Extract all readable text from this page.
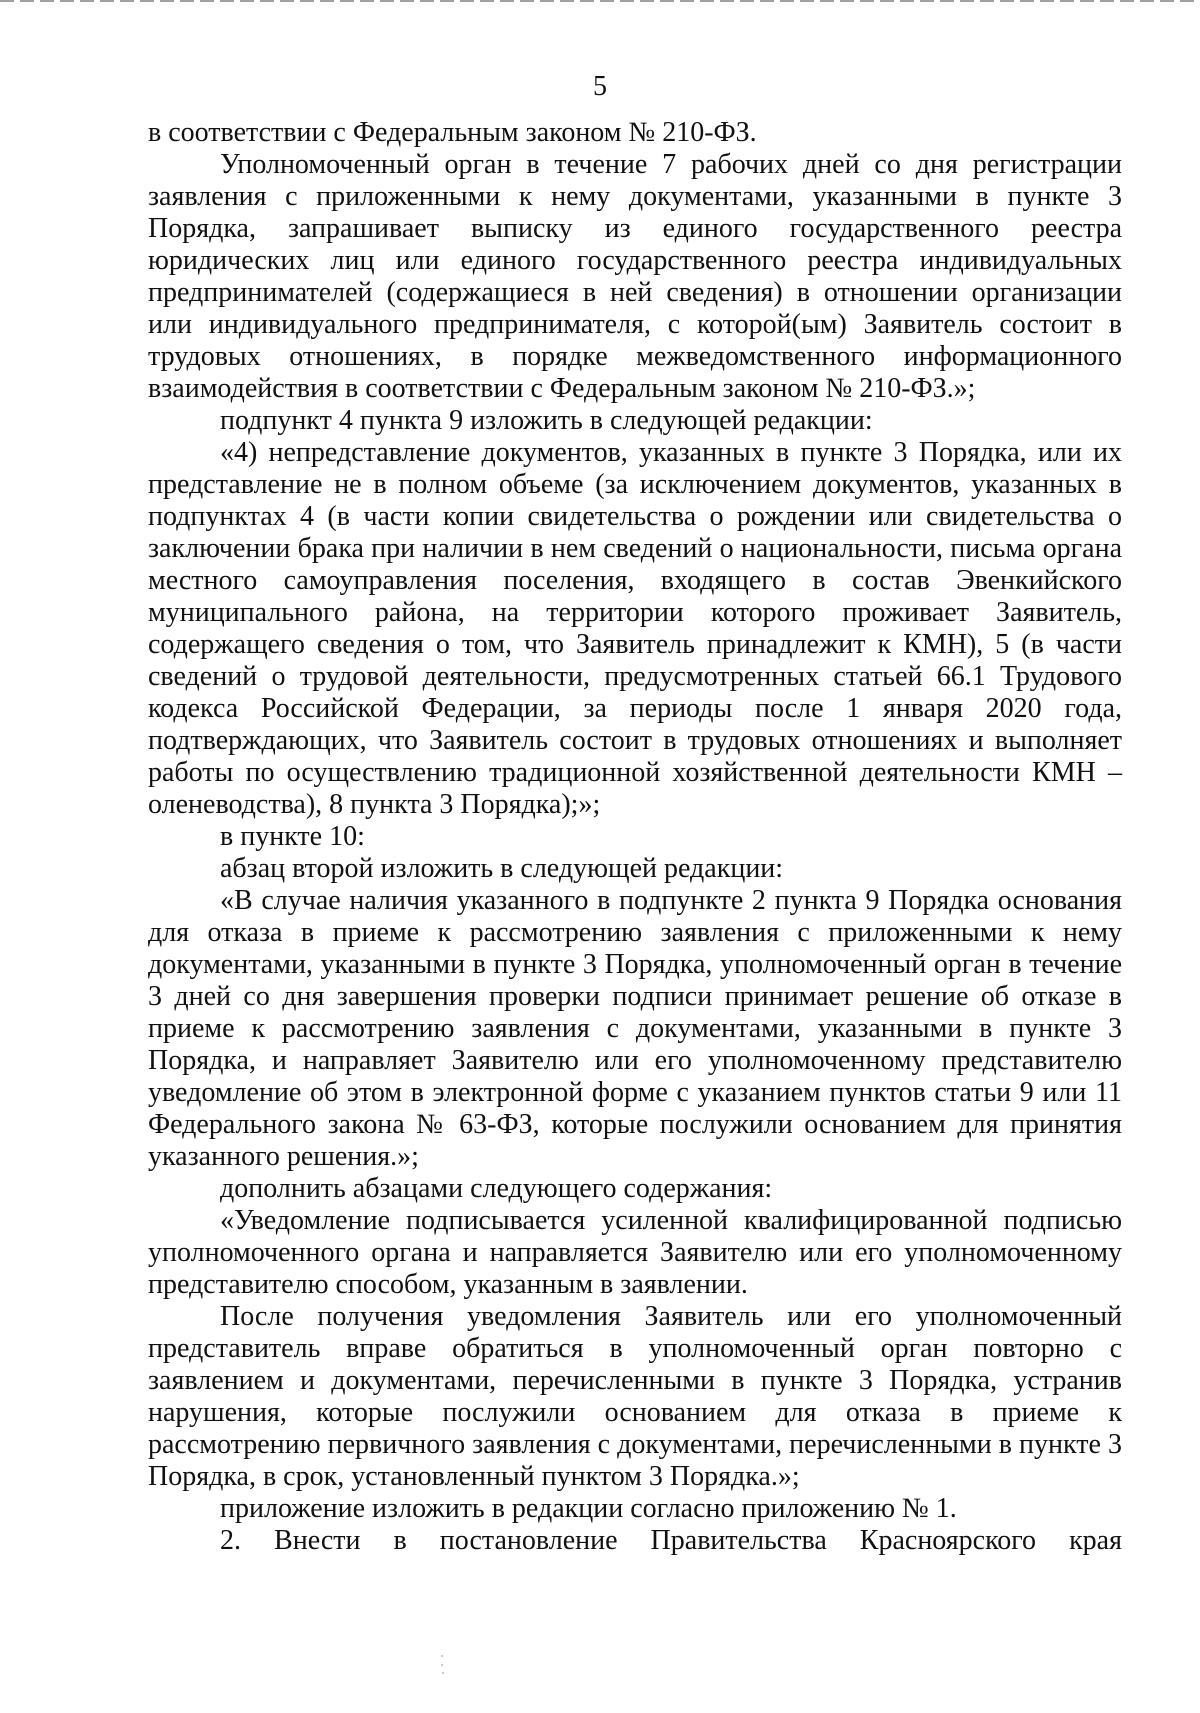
5

в соответствии с Федеральным законом № 210-ФЗ.

Уполномоченный орган в течение 7 рабочих дней со дня регистрации заявления с приложенными к нему документами, указанными в пункте 3 Порядка, запрашивает выписку из единого государственного реестра юридических лиц или единого государственного реестра индивидуальных предпринимателей (содержащиеся в ней сведения) в отношении организации или индивидуального предпринимателя, с которой(ым) Заявитель состоит в трудовых отношениях, в порядке межведомственного информационного взаимодействия в соответствии с Федеральным законом № 210-ФЗ.»;

подпункт 4 пункта 9 изложить в следующей редакции:

«4) непредставление документов, указанных в пункте 3 Порядка, или их представление не в полном объеме (за исключением документов, указанных в подпунктах 4 (в части копии свидетельства о рождении или свидетельства о заключении брака при наличии в нем сведений о национальности, письма органа местного самоуправления поселения, входящего в состав Эвенкийского муниципального района, на территории которого проживает Заявитель, содержащего сведения о том, что Заявитель принадлежит к КМН), 5 (в части сведений о трудовой деятельности, предусмотренных статьей 66.1 Трудового кодекса Российской Федерации, за периоды после 1 января 2020 года, подтверждающих, что Заявитель состоит в трудовых отношениях и выполняет работы по осуществлению традиционной хозяйственной деятельности КМН – оленеводства), 8 пункта 3 Порядка);»;

в пункте 10:

абзац второй изложить в следующей редакции:

«В случае наличия указанного в подпункте 2 пункта 9 Порядка основания для отказа в приеме к рассмотрению заявления с приложенными к нему документами, указанными в пункте 3 Порядка, уполномоченный орган в течение 3 дней со дня завершения проверки подписи принимает решение об отказе в приеме к рассмотрению заявления с документами, указанными в пункте 3 Порядка, и направляет Заявителю или его уполномоченному представителю уведомление об этом в электронной форме с указанием пунктов статьи 9 или 11 Федерального закона № 63-ФЗ, которые послужили основанием для принятия указанного решения.»;

дополнить абзацами следующего содержания:

«Уведомление подписывается усиленной квалифицированной подписью уполномоченного органа и направляется Заявителю или его уполномоченному представителю способом, указанным в заявлении.

После получения уведомления Заявитель или его уполномоченный представитель вправе обратиться в уполномоченный орган повторно с заявлением и документами, перечисленными в пункте 3 Порядка, устранив нарушения, которые послужили основанием для отказа в приеме к рассмотрению первичного заявления с документами, перечисленными в пункте 3 Порядка, в срок, установленный пунктом 3 Порядка.»;

приложение изложить в редакции согласно приложению № 1.

2. Внести в постановление Правительства Красноярского края
